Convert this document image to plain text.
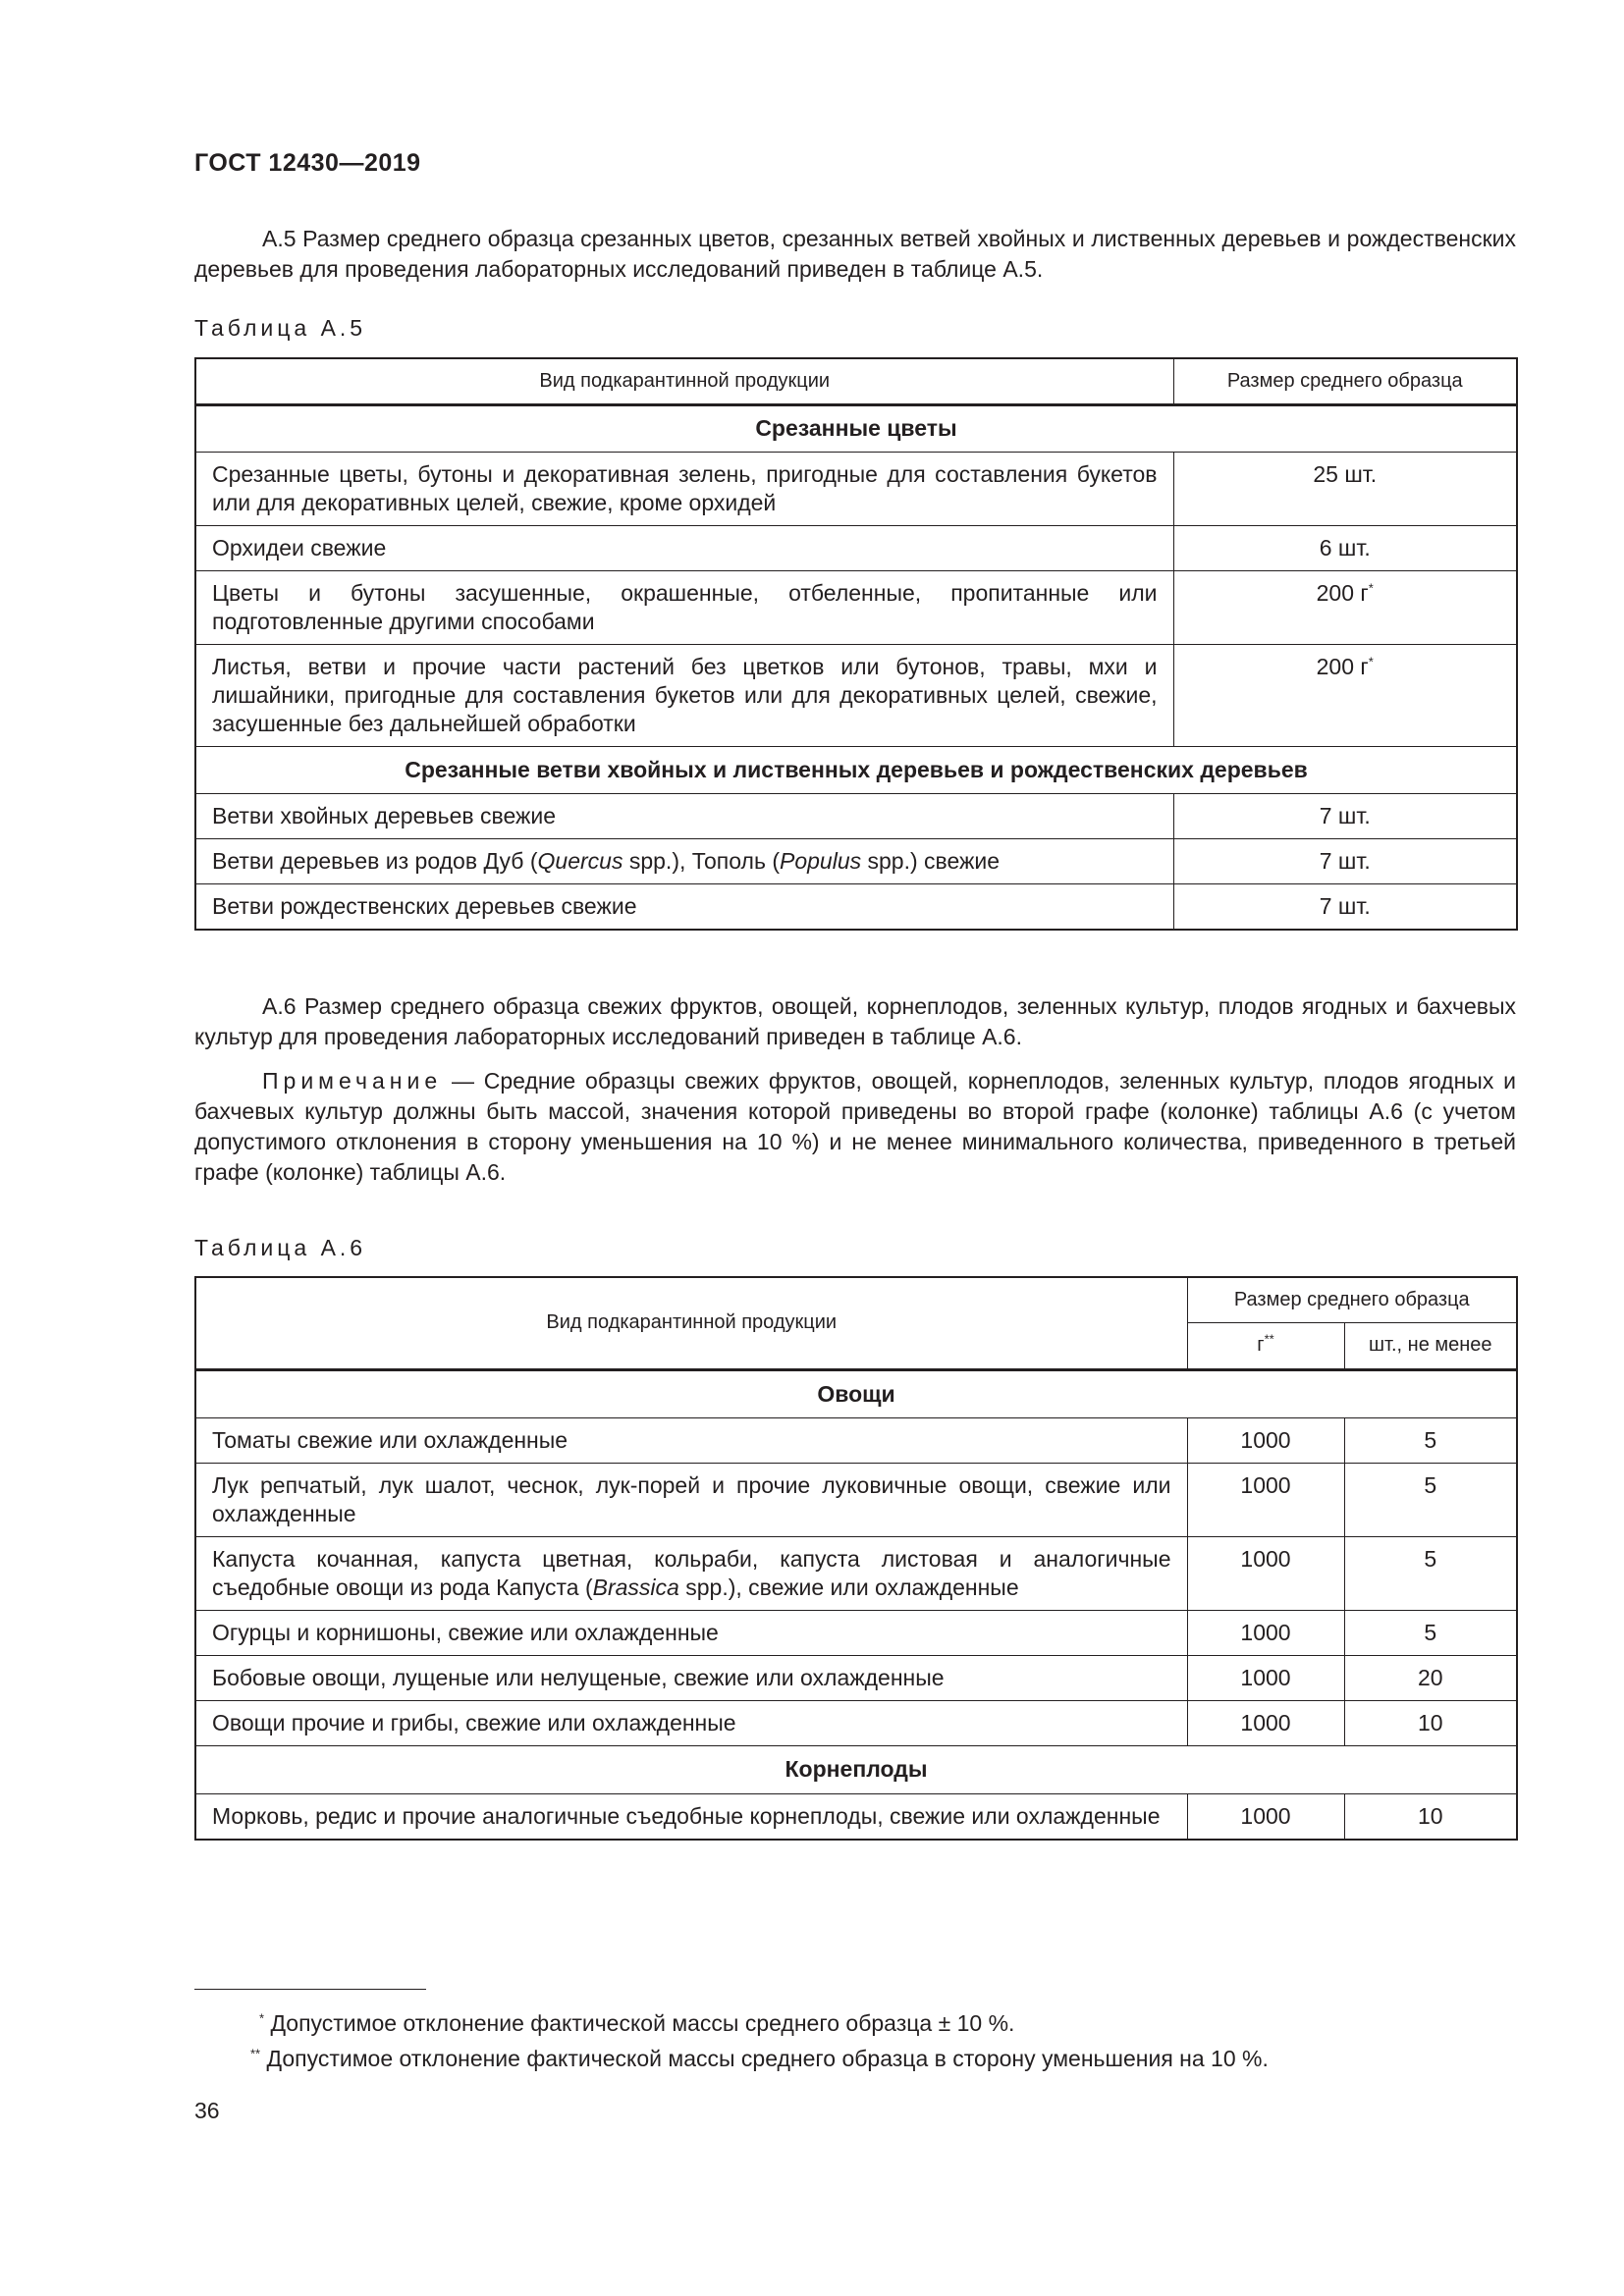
ГОСТ 12430—2019

А.5 Размер среднего образца срезанных цветов, срезанных ветвей хвойных и лиственных деревьев и рождественских деревьев для проведения лабораторных исследований приведен в таблице А.5.

Таблица А.5
Вид подкарантинной продукции	Размер среднего образца
Срезанные цветы	
Срезанные цветы, бутоны и декоративная зелень, пригодные для составления букетов или для декоративных целей, свежие, кроме орхидей	25 шт.
Орхидеи свежие	6 шт.
Цветы и бутоны засушенные, окрашенные, отбеленные, пропитанные или подготовленные другими способами	200 г*
Листья, ветви и прочие части растений без цветков или бутонов, травы, мхи и лишайники, пригодные для составления букетов или для декоративных целей, свежие, засушенные без дальнейшей обработки	200 г*
Срезанные ветви хвойных и лиственных деревьев и рождественских деревьев	
Ветви хвойных деревьев свежие	7 шт.
Ветви деревьев из родов Дуб (Quercus spp.), Тополь (Populus spp.) свежие	7 шт.
Ветви рождественских деревьев свежие	7 шт.

А.6 Размер среднего образца свежих фруктов, овощей, корнеплодов, зеленных культур, плодов ягодных и бахчевых культур для проведения лабораторных исследований приведен в таблице А.6.

Примечание — Средние образцы свежих фруктов, овощей, корнеплодов, зеленных культур, плодов ягодных и бахчевых культур должны быть массой, значения которой приведены во второй графе (колонке) таблицы А.6 (с учетом допустимого отклонения в сторону уменьшения на 10 %) и не менее минимального количества, приведенного в третьей графе (колонке) таблицы А.6.

Таблица А.6
Вид подкарантинной продукции	Размер среднего образца	
	г**	шт., не менее
Овощи		
Томаты свежие или охлажденные	1000	5
Лук репчатый, лук шалот, чеснок, лук-порей и прочие луковичные овощи, свежие или охлажденные	1000	5
Капуста кочанная, капуста цветная, кольраби, капуста листовая и аналогичные съедобные овощи из рода Капуста (Brassica spp.), свежие или охлажденные	1000	5
Огурцы и корнишоны, свежие или охлажденные	1000	5
Бобовые овощи, лущеные или нелущеные, свежие или охлажденные	1000	20
Овощи прочие и грибы, свежие или охлажденные	1000	10
Корнеплоды		
Морковь, редис и прочие аналогичные съедобные корнеплоды, свежие или охлажденные	1000	10
* Допустимое отклонение фактической массы среднего образца ± 10 %.
** Допустимое отклонение фактической массы среднего образца в сторону уменьшения на 10 %.
36
